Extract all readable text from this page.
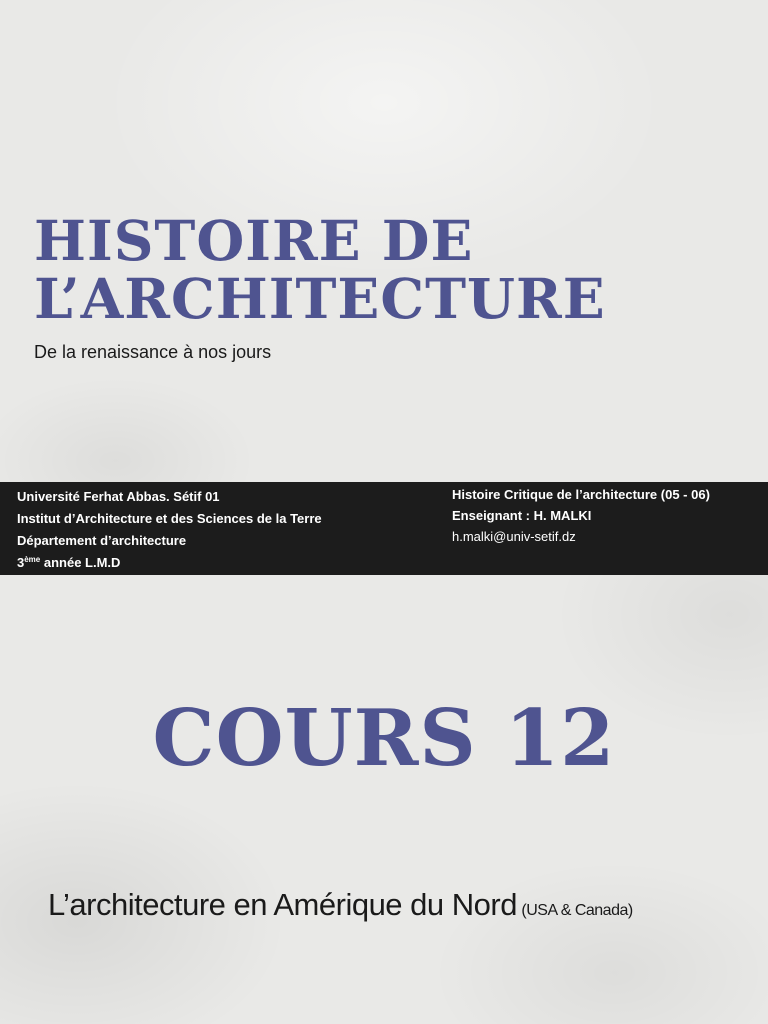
HISTOIRE DE
L’ARCHITECTURE
De la renaissance à nos jours
Université Ferhat Abbas. Sétif 01
Institut d’Architecture et des Sciences de la Terre
Département d’architecture
3ème année L.M.D
Histoire Critique de l’architecture (05 - 06)
Enseignant : H. MALKI
h.malki@univ-setif.dz
COURS 12
L’architecture en Amérique du Nord (USA & Canada)
